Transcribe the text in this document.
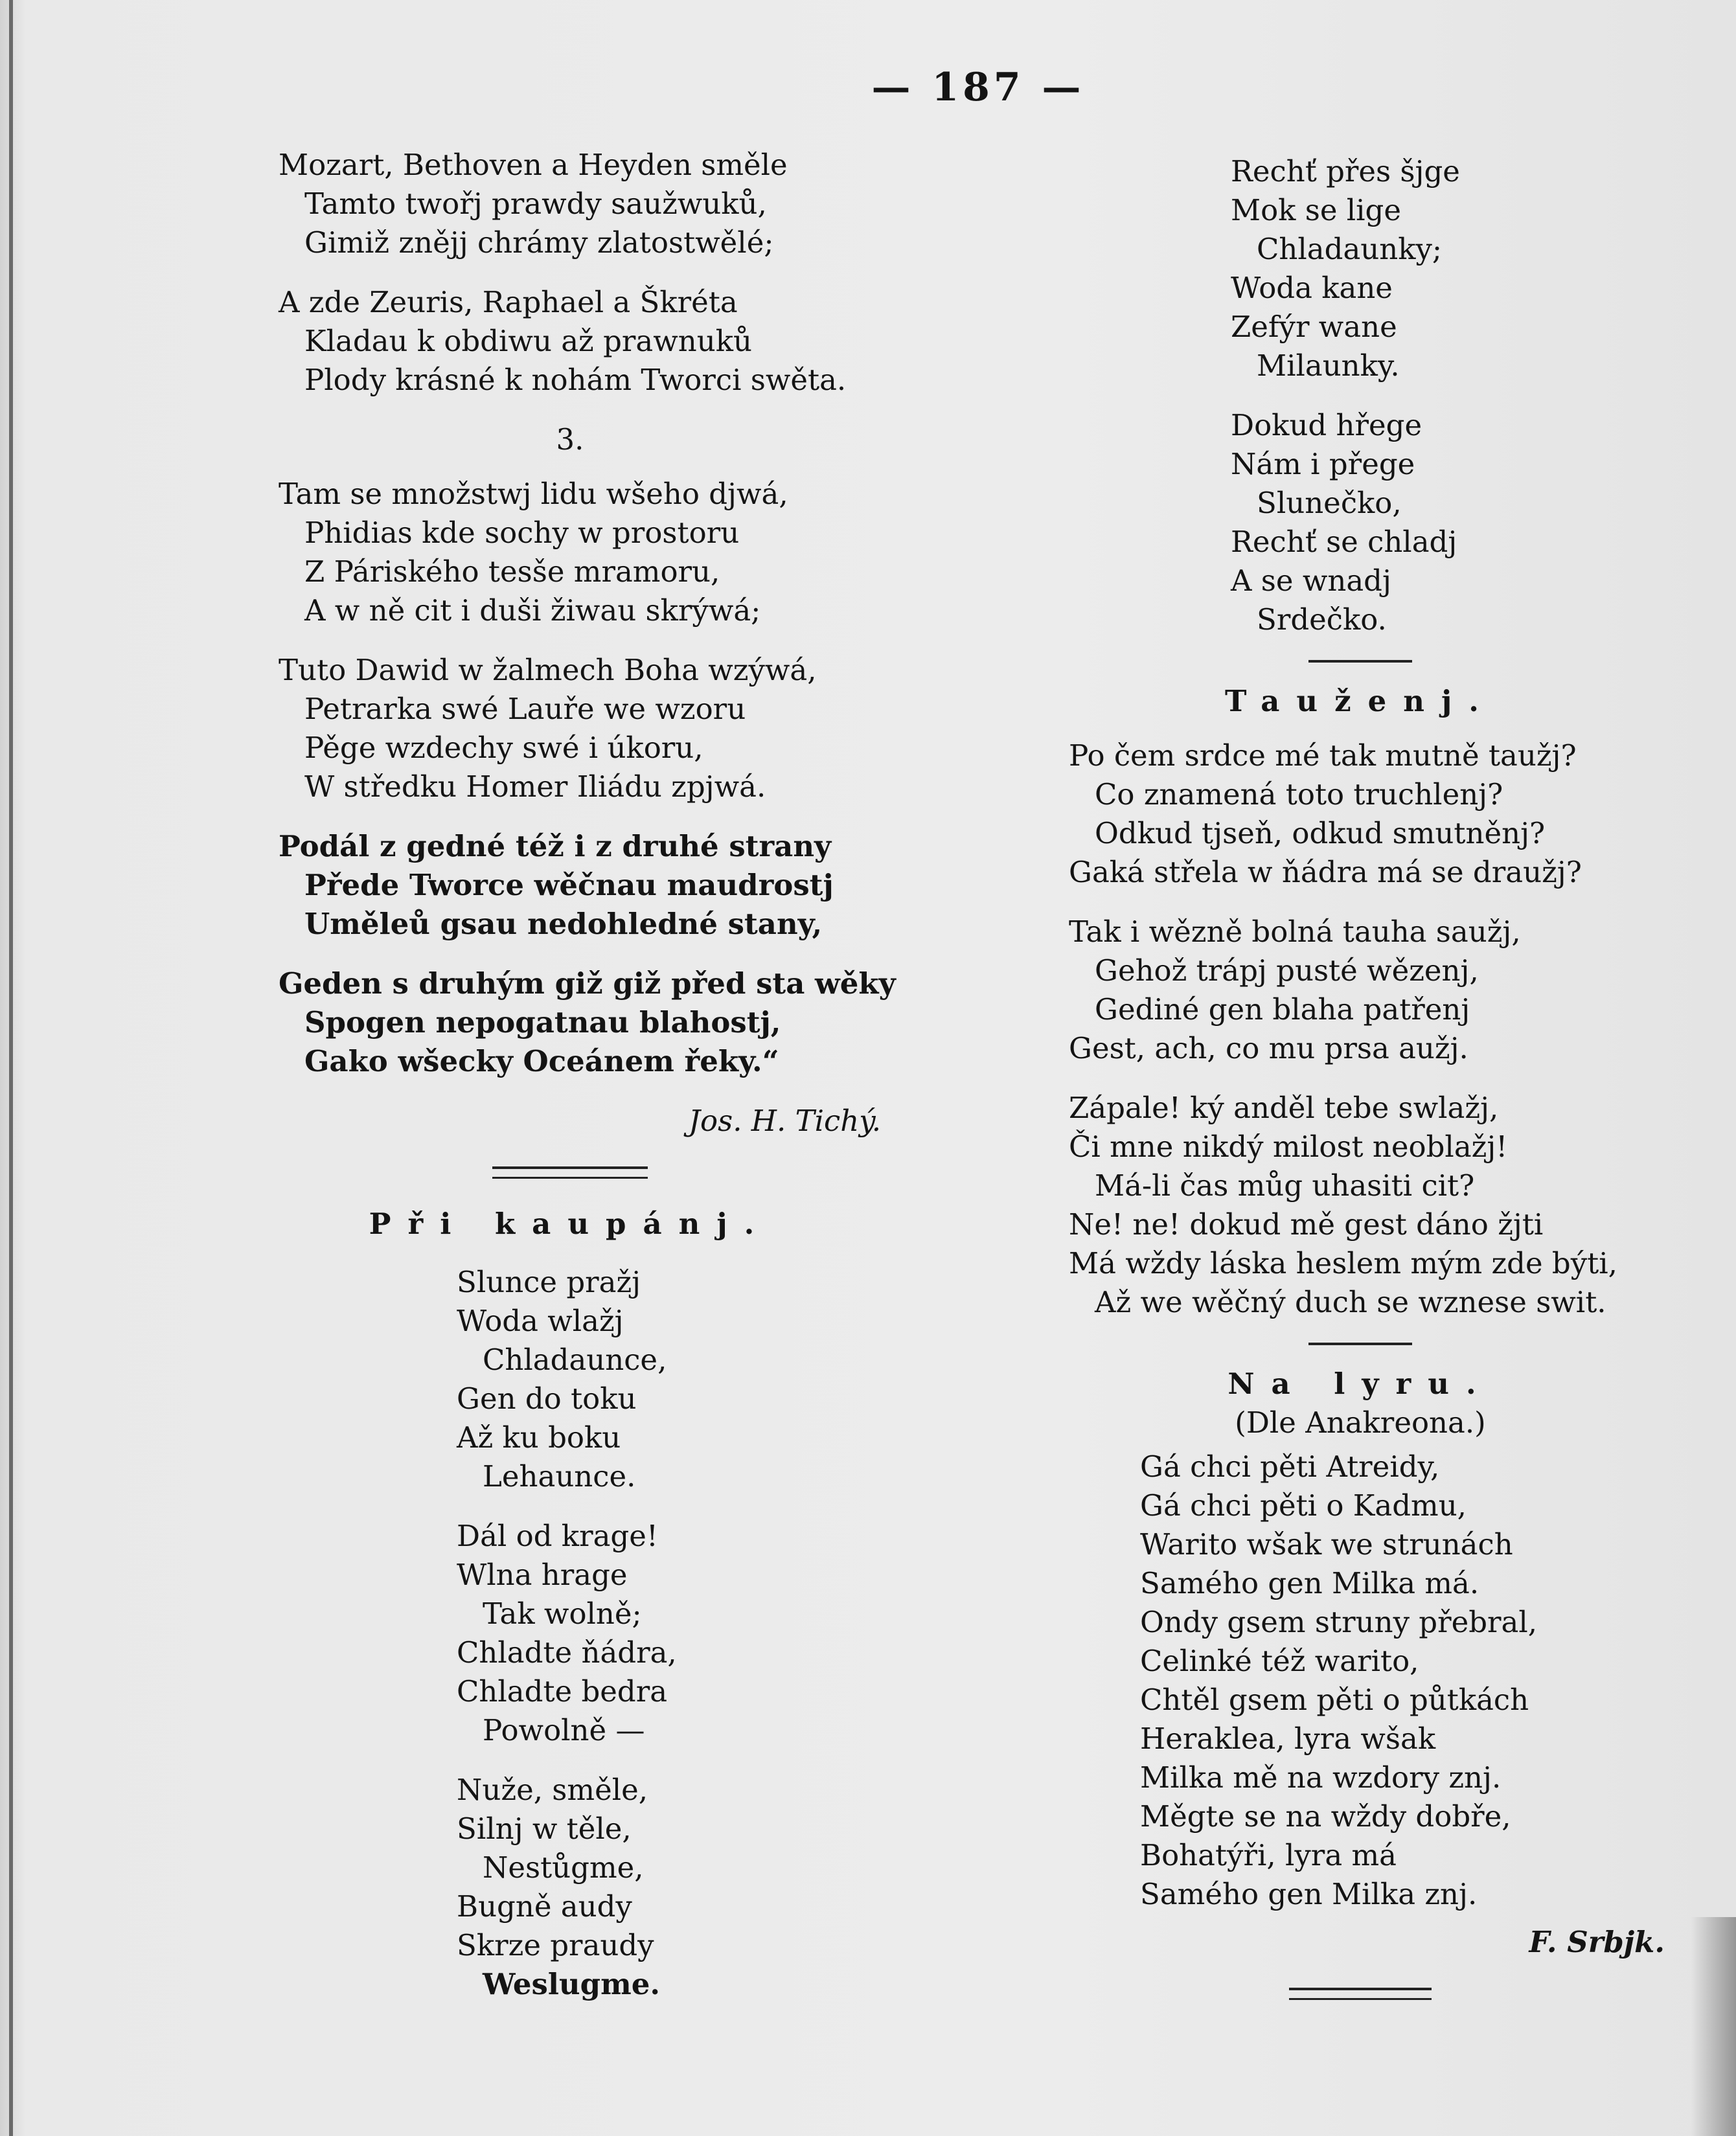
— 187 —
Mozart, Bethoven a Heyden směle
Tamto twořj prawdy saužwuků,
Gimiž znějj chrámy zlatostwělé;
A zde Zeuris, Raphael a Škréta
Kladau k obdiwu až prawnuků
Plody krásné k nohám Tworci swěta.
3.
Tam se množstwj lidu wšeho djwá,
Phidias kde sochy w prostoru
Z Páriského tesše mramoru,
A w ně cit i duši žiwau skrýwá;
Tuto Dawid w žalmech Boha wzýwá,
Petrarka swé Lauře we wzoru
Pěge wzdechy swé i úkoru,
W středku Homer Iliádu zpjwá.
Podál z gedné též i z druhé strany
Přede Tworce wěčnau maudrostj
Uměleů gsau nedohledné stany,
Geden s druhým giž giž před sta wěky
Spogen nepogatnau blahostj,
Gako wšecky Oceánem řeky.“
Jos. H. Tichý.
Při kaupánj.
Slunce pražj
Woda wlažj
Chladaunce,
Gen do toku
Až ku boku
Lehaunce.
Dál od krage!
Wlna hrage
Tak wolně;
Chladte ňádra,
Chladte bedra
Powolně —
Nuže, směle,
Silnj w těle,
Nestůgme,
Bugně audy
Skrze praudy
Weslugme.
Rechť přes šjge
Mok se lige
Chladaunky;
Woda kane
Zefýr wane
Milaunky.
Dokud hřege
Nám i přege
Slunečko,
Rechť se chladj
A se wnadj
Srdečko.
Tauženj.
Po čem srdce mé tak mutně taužj?
Co znamená toto truchlenj?
Odkud tjseň, odkud smutněnj?
Gaká střela w ňádra má se draužj?
Tak i wězně bolná tauha saužj,
Gehož trápj pusté wězenj,
Gediné gen blaha patřenj
Gest, ach, co mu prsa aužj.
Zápale! ký anděl tebe swlažj,
Či mne nikdý milost neoblažj!
Má-li čas můg uhasiti cit?
Ne! ne! dokud mě gest dáno žjti
Má wždy láska heslem mým zde býti,
Až we wěčný duch se wznese swit.
Na lyru.
(Dle Anakreona.)
Gá chci pěti Atreidy,
Gá chci pěti o Kadmu,
Warito wšak we strunách
Samého gen Milka má.
Ondy gsem struny přebral,
Celinké též warito,
Chtěl gsem pěti o půtkách
Herakleа, lyra wšak
Milka mě na wzdory znj.
Měgte se na wždy dobře,
Bohatýři, lyra má
Samého gen Milka znj.
F. Srbjk.
